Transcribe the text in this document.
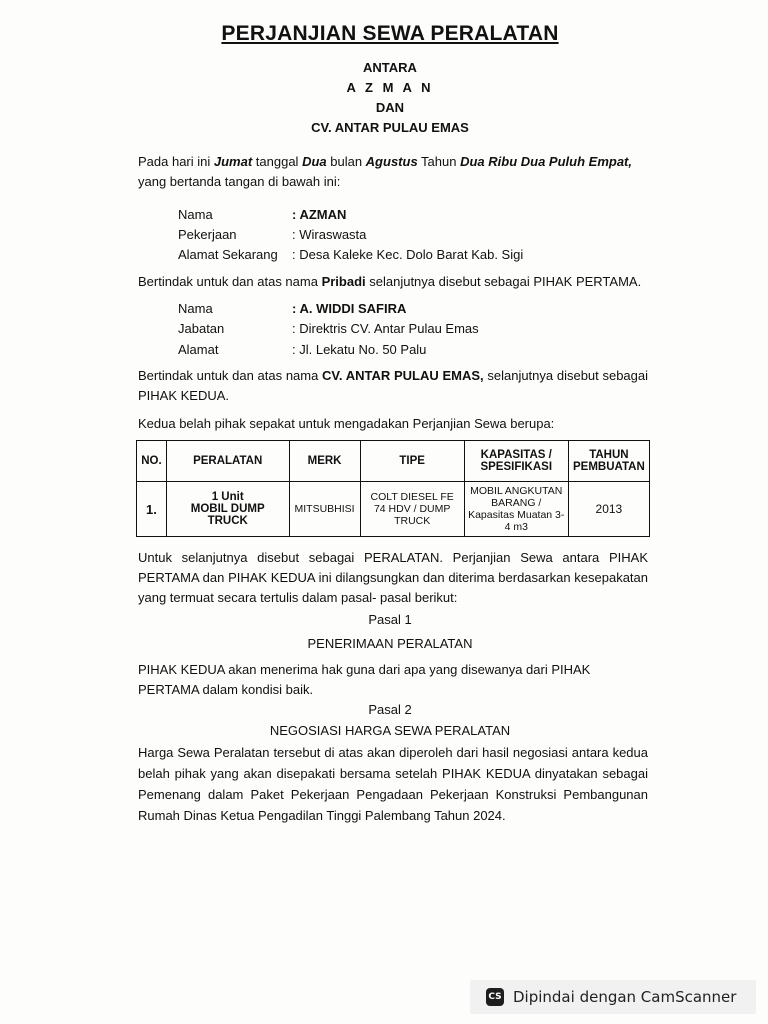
PERJANJIAN SEWA PERALATAN
ANTARA
A Z M A N
DAN
CV. ANTAR PULAU EMAS
Pada hari ini Jumat tanggal Dua bulan Agustus Tahun Dua Ribu Dua Puluh Empat,
yang bertanda tangan di bawah ini:
Nama	: AZMAN
Pekerjaan	: Wiraswasta
Alamat Sekarang : Desa Kaleke Kec. Dolo Barat Kab. Sigi
Bertindak untuk dan atas nama Pribadi selanjutnya disebut sebagai PIHAK PERTAMA.
Nama	: A. WIDDI SAFIRA
Jabatan	: Direktris CV. Antar Pulau Emas
Alamat	: Jl. Lekatu No. 50 Palu
Bertindak untuk dan atas nama CV. ANTAR PULAU EMAS, selanjutnya disebut sebagai PIHAK KEDUA.
Kedua belah pihak sepakat untuk mengadakan Perjanjian Sewa berupa:
NO.	PERALATAN	MERK	TIPE	KAPASITAS / SPESIFIKASI	TAHUN PEMBUATAN
1.	1 Unit
MOBIL DUMP TRUCK	MITSUBHISI	COLT DIESEL FE 74 HDV / DUMP TRUCK	MOBIL ANGKUTAN BARANG / Kapasitas Muatan 3-4 m3	2013
Untuk selanjutnya disebut sebagai PERALATAN. Perjanjian Sewa antara PIHAK PERTAMA dan PIHAK KEDUA ini dilangsungkan dan diterima berdasarkan kesepakatan yang termuat secara tertulis dalam pasal- pasal berikut:
Pasal 1
PENERIMAAN PERALATAN
PIHAK KEDUA akan menerima hak guna dari apa yang disewanya dari PIHAK PERTAMA dalam kondisi baik.
Pasal 2
NEGOSIASI HARGA SEWA PERALATAN
Harga Sewa Peralatan tersebut di atas akan diperoleh dari hasil negosiasi antara kedua belah pihak yang akan disepakati bersama setelah PIHAK KEDUA dinyatakan sebagai Pemenang dalam Paket Pekerjaan Pengadaan Pekerjaan Konstruksi Pembangunan Rumah Dinas Ketua Pengadilan Tinggi Palembang Tahun 2024.
CS Dipindai dengan CamScanner
